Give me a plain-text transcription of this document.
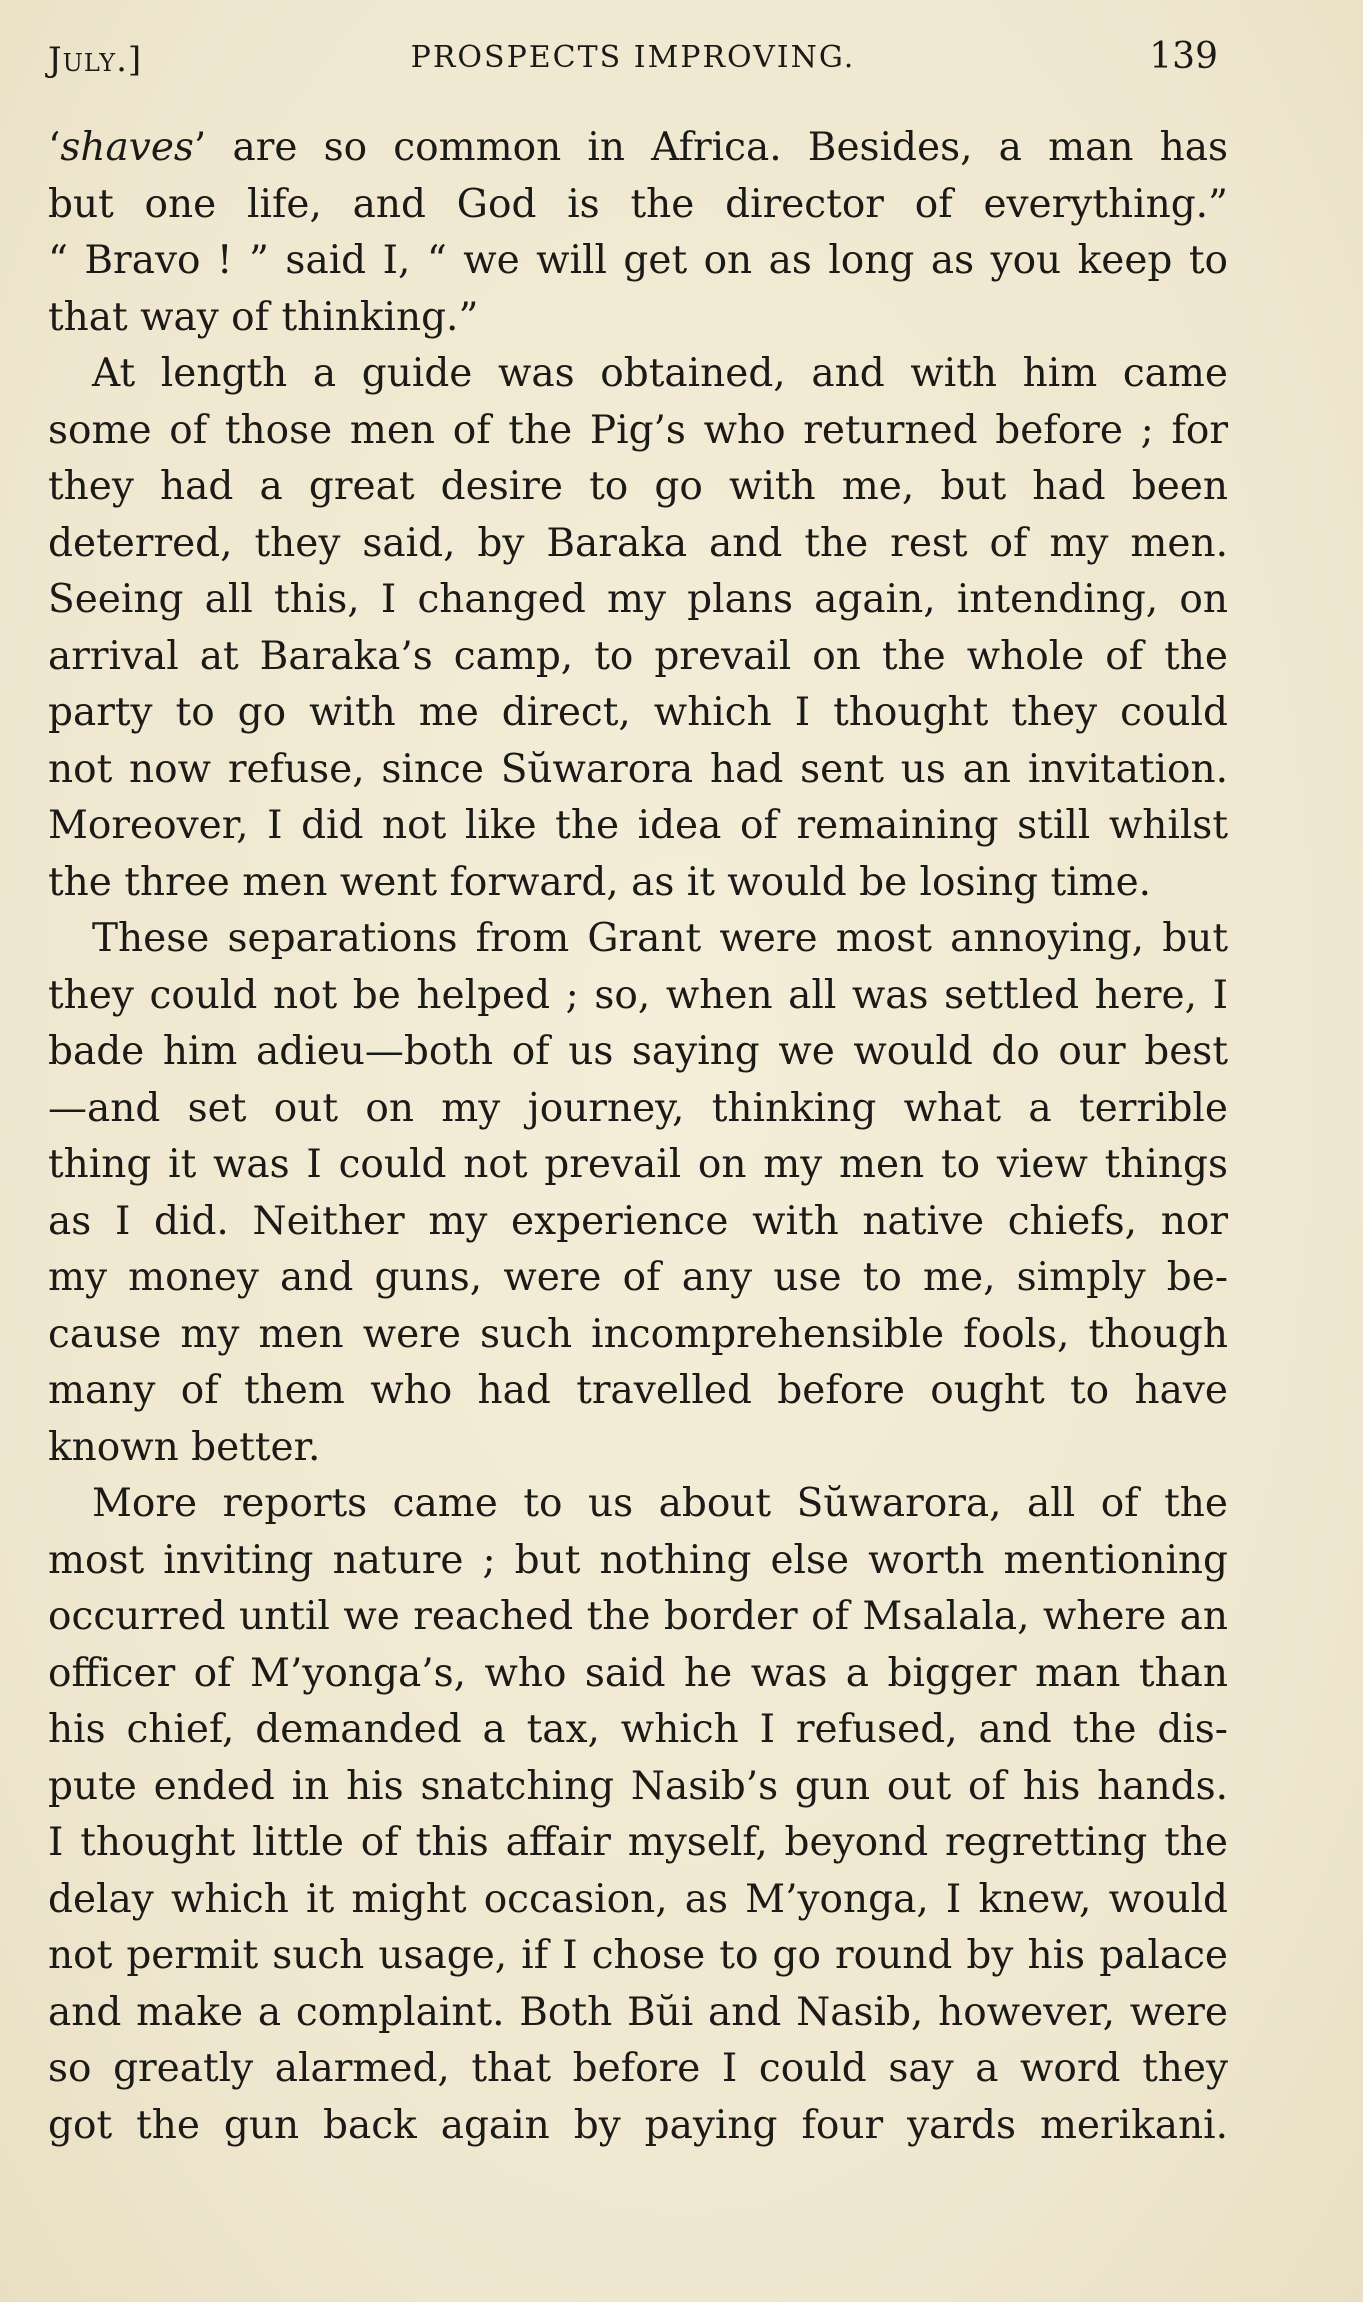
July.]	PROSPECTS IMPROVING.	139
‘shaves’ are so common in Africa. Besides, a man has
but one life, and God is the director of everything.”
“ Bravo ! ” said I, “ we will get on as long as you keep to
that way of thinking.”
At length a guide was obtained, and with him came
some of those men of the Pig’s who returned before ; for
they had a great desire to go with me, but had been
deterred, they said, by Baraka and the rest of my men.
Seeing all this, I changed my plans again, intending, on
arrival at Baraka’s camp, to prevail on the whole of the
party to go with me direct, which I thought they could
not now refuse, since Sŭwarora had sent us an invitation.
Moreover, I did not like the idea of remaining still whilst
the three men went forward, as it would be losing time.
These separations from Grant were most annoying, but
they could not be helped ; so, when all was settled here, I
bade him adieu—both of us saying we would do our best
—and set out on my journey, thinking what a terrible
thing it was I could not prevail on my men to view things
as I did. Neither my experience with native chiefs, nor
my money and guns, were of any use to me, simply be-
cause my men were such incomprehensible fools, though
many of them who had travelled before ought to have
known better.
More reports came to us about Sŭwarora, all of the
most inviting nature ; but nothing else worth mentioning
occurred until we reached the border of Msalala, where an
officer of M’yonga’s, who said he was a bigger man than
his chief, demanded a tax, which I refused, and the dis-
pute ended in his snatching Nasib’s gun out of his hands.
I thought little of this affair myself, beyond regretting the
delay which it might occasion, as M’yonga, I knew, would
not permit such usage, if I chose to go round by his palace
and make a complaint. Both Bŭi and Nasib, however, were
so greatly alarmed, that before I could say a word they
got the gun back again by paying four yards merikani.
